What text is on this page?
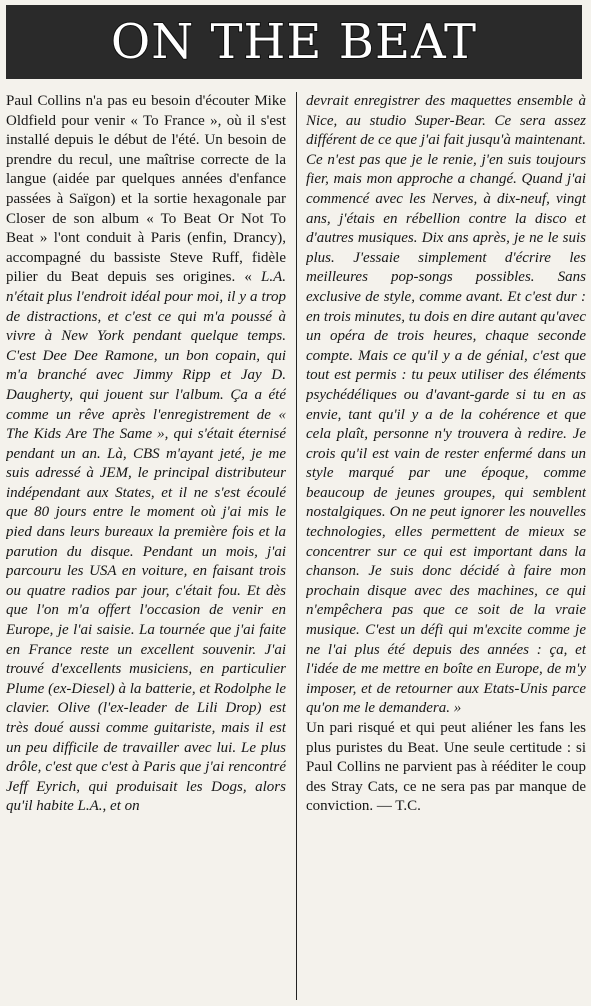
ON THE BEAT

Paul Collins n'a pas eu besoin d'écouter Mike Oldfield pour venir « To France », où il s'est installé depuis le début de l'été. Un besoin de prendre du recul, une maîtrise correcte de la langue (aidée par quelques années d'enfance passées à Saïgon) et la sortie hexagonale par Closer de son album « To Beat Or Not To Beat » l'ont conduit à Paris (enfin, Drancy), accompagné du bassiste Steve Ruff, fidèle pilier du Beat depuis ses origines. « L.A. n'était plus l'endroit idéal pour moi, il y a trop de distractions, et c'est ce qui m'a poussé à vivre à New York pendant quelque temps. C'est Dee Dee Ramone, un bon copain, qui m'a branché avec Jimmy Ripp et Jay D. Daugherty, qui jouent sur l'album. Ça a été comme un rêve après l'enregistrement de « The Kids Are The Same », qui s'était éternisé pendant un an. Là, CBS m'ayant jeté, je me suis adressé à JEM, le principal distributeur indépendant aux States, et il ne s'est écoulé que 80 jours entre le moment où j'ai mis le pied dans leurs bureaux la première fois et la parution du disque. Pendant un mois, j'ai parcouru les USA en voiture, en faisant trois ou quatre radios par jour, c'était fou. Et dès que l'on m'a offert l'occasion de venir en Europe, je l'ai saisie. La tournée que j'ai faite en France reste un excellent souvenir. J'ai trouvé d'excellents musiciens, en particulier Plume (ex-Diesel) à la batterie, et Rodolphe le clavier. Olive (l'ex-leader de Lili Drop) est très doué aussi comme guitariste, mais il est un peu difficile de travailler avec lui. Le plus drôle, c'est que c'est à Paris que j'ai rencontré Jeff Eyrich, qui produisait les Dogs, alors qu'il habite L.A., et on

devrait enregistrer des maquettes ensemble à Nice, au studio Super-Bear. Ce sera assez différent de ce que j'ai fait jusqu'à maintenant. Ce n'est pas que je le renie, j'en suis toujours fier, mais mon approche a changé. Quand j'ai commencé avec les Nerves, à dix-neuf, vingt ans, j'étais en rébellion contre la disco et d'autres musiques. Dix ans après, je ne le suis plus. J'essaie simplement d'écrire les meilleures pop-songs possibles. Sans exclusive de style, comme avant. Et c'est dur : en trois minutes, tu dois en dire autant qu'avec un opéra de trois heures, chaque seconde compte. Mais ce qu'il y a de génial, c'est que tout est permis : tu peux utiliser des éléments psychédéliques ou d'avant-garde si tu en as envie, tant qu'il y a de la cohérence et que cela plaît, personne n'y trouvera à redire. Je crois qu'il est vain de rester enfermé dans un style marqué par une époque, comme beaucoup de jeunes groupes, qui semblent nostalgiques. On ne peut ignorer les nouvelles technologies, elles permettent de mieux se concentrer sur ce qui est important dans la chanson. Je suis donc décidé à faire mon prochain disque avec des machines, ce qui n'empêchera pas que ce soit de la vraie musique. C'est un défi qui m'excite comme je ne l'ai plus été depuis des années : ça, et l'idée de me mettre en boîte en Europe, de m'y imposer, et de retourner aux Etats-Unis parce qu'on me le demandera. »

Un pari risqué et qui peut aliéner les fans les plus puristes du Beat. Une seule certitude : si Paul Collins ne parvient pas à rééditer le coup des Stray Cats, ce ne sera pas par manque de conviction. — T.C.
